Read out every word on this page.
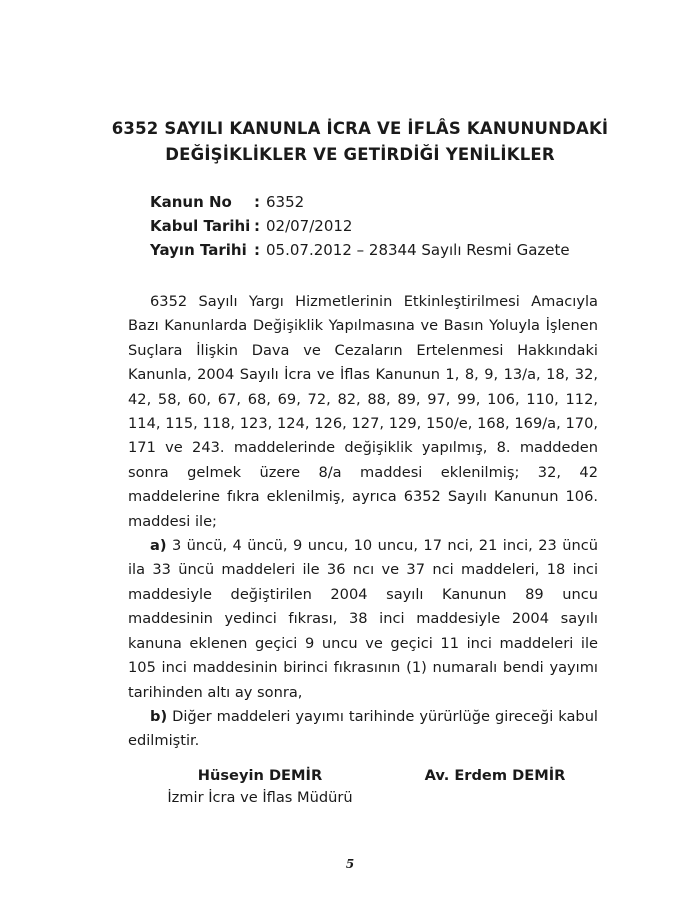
6352 SAYILI KANUNLA İCRA VE İFLÂS KANUNUNDAKİ
DEĞİŞİKLİKLER VE GETİRDİĞİ YENİLİKLER
Kanun No	: 6352
Kabul Tarihi : 02/07/2012
Yayın Tarihi : 05.07.2012 – 28344 Sayılı Resmi Gazete

6352 Sayılı Yargı Hizmetlerinin Etkinleştirilmesi Amacıyla Bazı Kanunlarda Değişiklik Yapılmasına ve Basın Yoluyla İşlenen Suçlara İlişkin Dava ve Cezaların Ertelenmesi Hakkındaki Kanunla, 2004 Sayılı İcra ve İflas Kanunun 1, 8, 9, 13/a, 18, 32, 42, 58, 60, 67, 68, 69, 72, 82, 88, 89, 97, 99, 106, 110, 112, 114, 115, 118, 123, 124, 126, 127, 129, 150/e, 168, 169/a, 170, 171 ve 243. maddelerinde değişiklik yapılmış, 8. maddeden sonra gelmek üzere 8/a maddesi eklenilmiş; 32, 42 maddelerine fıkra eklenilmiş, ayrıca 6352 Sayılı Kanunun 106. maddesi ile;

a) 3 üncü, 4 üncü, 9 uncu, 10 uncu, 17 nci, 21 inci, 23 üncü ila 33 üncü maddeleri ile 36 ncı ve 37 nci maddeleri, 18 inci maddesiyle değiştirilen 2004 sayılı Kanunun 89 uncu maddesinin yedinci fıkrası, 38 inci maddesiyle 2004 sayılı kanuna eklenen geçici 9 uncu ve geçici 11 inci maddeleri ile 105 inci maddesinin birinci fıkrasının (1) numaralı bendi yayımı tarihinden altı ay sonra,

b) Diğer maddeleri yayımı tarihinde yürürlüğe gireceği kabul edilmiştir.

Hüseyin DEMİR
İzmir İcra ve İflas Müdürü
Av. Erdem DEMİR
5
